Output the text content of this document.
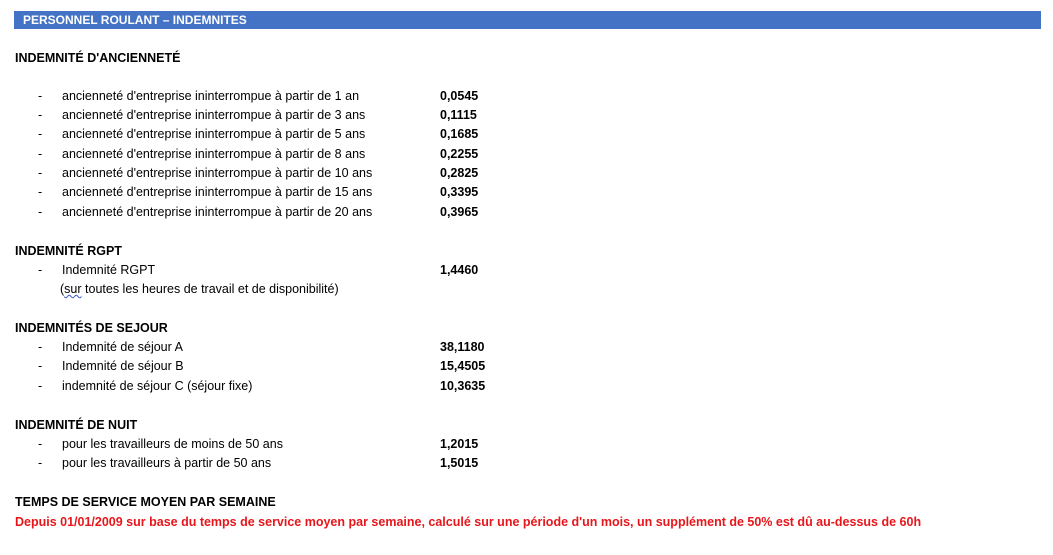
PERSONNEL ROULANT – INDEMNITES
INDEMNITÉ D'ANCIENNETÉ
- ancienneté d'entreprise ininterrompue à partir de 1 an	0,0545
- ancienneté d'entreprise ininterrompue à partir de 3 ans	0,1115
- ancienneté d'entreprise ininterrompue à partir de 5 ans	0,1685
- ancienneté d'entreprise ininterrompue à partir de 8 ans	0,2255
- ancienneté d'entreprise ininterrompue à partir de 10 ans	0,2825
- ancienneté d'entreprise ininterrompue à partir de 15 ans	0,3395
- ancienneté d'entreprise ininterrompue à partir de 20 ans	0,3965
INDEMNITÉ RGPT
- Indemnité RGPT	1,4460
(sur toutes les heures de travail et de disponibilité)
INDEMNITÉS DE SEJOUR
- Indemnité de séjour A	38,1180
- Indemnité de séjour B	15,4505
- indemnité de séjour C (séjour fixe)	10,3635
INDEMNITÉ DE NUIT
- pour les travailleurs de moins de 50 ans	1,2015
- pour les travailleurs à partir de 50 ans	1,5015
TEMPS DE SERVICE MOYEN PAR SEMAINE
Depuis 01/01/2009 sur base du temps de service moyen par semaine, calculé sur une période d'un mois, un supplément de 50% est dû au-dessus de 60h
